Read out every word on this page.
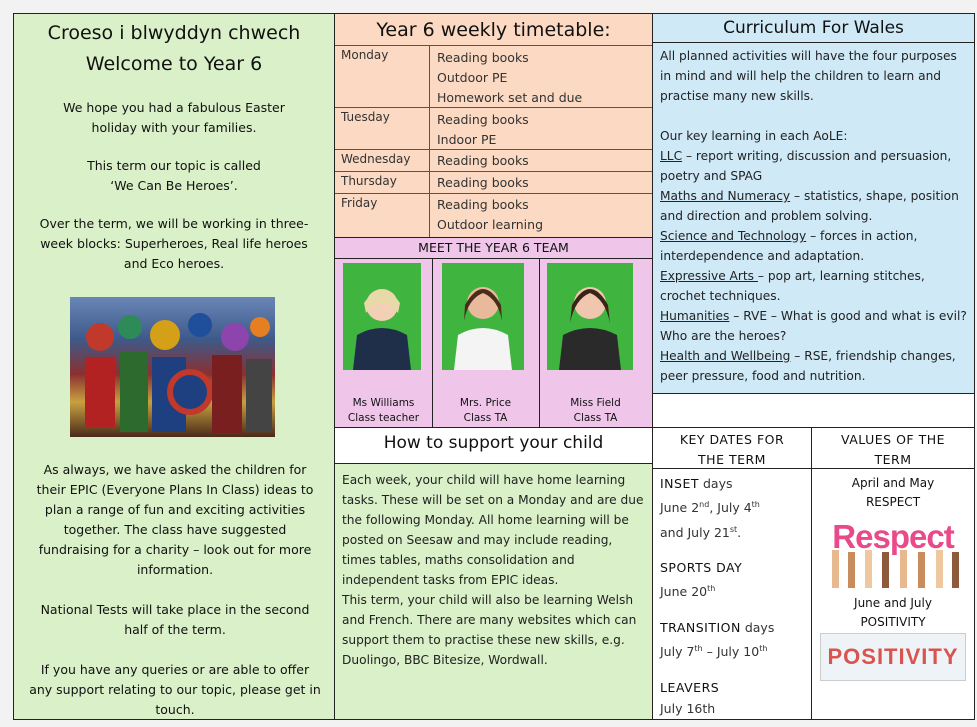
Croeso i blwyddyn chwech
Welcome to Year 6

We hope you had a fabulous Easter holiday with your families.

This term our topic is called

‘We Can Be Heroes’.

Over the term, we will be working in three-week blocks: Superheroes, Real life heroes and Eco heroes.

As always, we have asked the children for their EPIC (Everyone Plans In Class) ideas to plan a range of fun and exciting activities together. The class have suggested fundraising for a charity – look out for more information.

National Tests will take place in the second half of the term.

If you have any queries or are able to offer any support relating to our topic, please get in touch.

Year 6 weekly timetable:
Monday	Reading books
Outdoor PE
Homework set and due
Tuesday	Reading books
Indoor PE
Wednesday Reading books
Thursday	Reading books
Friday	Reading books
Outdoor learning
MEET THE YEAR 6 TEAM
Ms Williams
Class teacher
Mrs. Price
Class TA
Miss Field
Class TA
Curriculum For Wales

All planned activities will have the four purposes in mind and will help the children to learn and practise many new skills.

Our key learning in each AoLE:

LLC – report writing, discussion and persuasion, poetry and SPAG

Maths and Numeracy – statistics, shape, position and direction and problem solving.

Science and Technology – forces in action, interdependence and adaptation.

Expressive Arts – pop art, learning stitches, crochet techniques.

Humanities – RVE – What is good and what is evil? Who are the heroes?

Health and Wellbeing – RSE, friendship changes, peer pressure, food and nutrition.

How to support your child

Each week, your child will have home learning tasks. These will be set on a Monday and are due the following Monday. All home learning will be posted on Seesaw and may include reading, times tables, maths consolidation and independent tasks from EPIC ideas.

This term, your child will also be learning Welsh and French. There are many websites which can support them to practise these new skills, e.g. Duolingo, BBC Bitesize, Wordwall.

KEY DATES FOR
THE TERM
INSET days
June 2nd, July 4th
and July 21st.
SPORTS DAY
June 20th
TRANSITION days
July 7th – July 10th
LEAVERS
July 16th
VALUES OF THE
TERM
April and May
RESPECT
Respect
June and July
POSITIVITY
POSITIVITY
